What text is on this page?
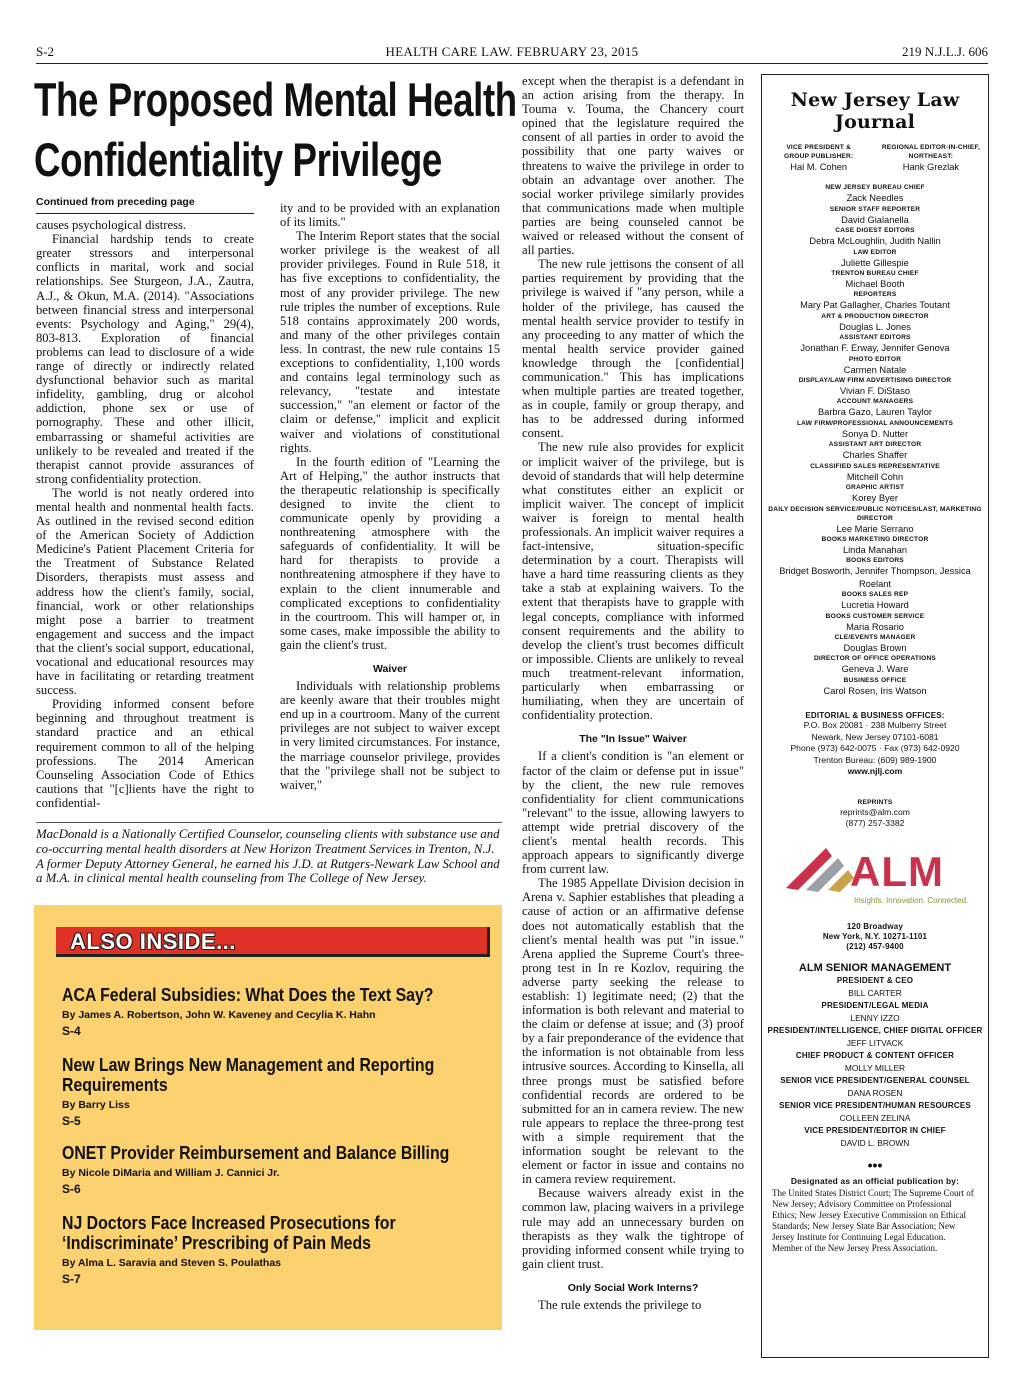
S-2	HEALTH CARE LAW. FEBRUARY 23, 2015	219 N.J.L.J. 606
The Proposed Mental Health
Confidentiality Privilege
Continued from preceding page

causes psychological distress.

Financial hardship tends to create greater stressors and interpersonal conflicts in marital, work and social relationships. See Sturgeon, J.A., Zautra, A.J., & Okun, M.A. (2014). "Associations between financial stress and interpersonal events: Psychology and Aging," 29(4), 803-813. Exploration of financial problems can lead to disclosure of a wide range of directly or indirectly related dysfunctional behavior such as marital infidelity, gambling, drug or alcohol addiction, phone sex or use of pornography. These and other illicit, embarrassing or shameful activities are unlikely to be revealed and treated if the therapist cannot provide assurances of strong confidentiality protection.

The world is not neatly ordered into mental health and nonmental health facts. As outlined in the revised second edition of the American Society of Addiction Medicine's Patient Placement Criteria for the Treatment of Substance Related Disorders, therapists must assess and address how the client's family, social, financial, work or other relationships might pose a barrier to treatment engagement and success and the impact that the client's social support, educational, vocational and educational resources may have in facilitating or retarding treatment success.

Providing informed consent before beginning and throughout treatment is standard practice and an ethical requirement common to all of the helping professions. The 2014 American Counseling Association Code of Ethics cautions that "[c]lients have the right to confidential-

ity and to be provided with an explanation of its limits."

The Interim Report states that the social worker privilege is the weakest of all provider privileges. Found in Rule 518, it has five exceptions to confidentiality, the most of any provider privilege. The new rule triples the number of exceptions. Rule 518 contains approximately 200 words, and many of the other privileges contain less. In contrast, the new rule contains 15 exceptions to confidentiality, 1,100 words and contains legal terminology such as relevancy, "testate and intestate succession," "an element or factor of the claim or defense," implicit and explicit waiver and violations of constitutional rights.

In the fourth edition of "Learning the Art of Helping," the author instructs that the therapeutic relationship is specifically designed to invite the client to communicate openly by providing a nonthreatening atmosphere with the safeguards of confidentiality. It will be hard for therapists to provide a nonthreatening atmosphere if they have to explain to the client innumerable and complicated exceptions to confidentiality in the courtroom. This will hamper or, in some cases, make impossible the ability to gain the client's trust.

Waiver

Individuals with relationship problems are keenly aware that their troubles might end up in a courtroom. Many of the current privileges are not subject to waiver except in very limited circumstances. For instance, the marriage counselor privilege, provides that the "privilege shall not be subject to waiver,"

except when the therapist is a defendant in an action arising from the therapy. In Touma v. Touma, the Chancery court opined that the legislature required the consent of all parties in order to avoid the possibility that one party waives or threatens to waive the privilege in order to obtain an advantage over another. The social worker privilege similarly provides that communications made when multiple parties are being counseled cannot be waived or released without the consent of all parties.

The new rule jettisons the consent of all parties requirement by providing that the privilege is waived if "any person, while a holder of the privilege, has caused the mental health service provider to testify in any proceeding to any matter of which the mental health service provider gained knowledge through the [confidential] communication." This has implications when multiple parties are treated together, as in couple, family or group therapy, and has to be addressed during informed consent.

The new rule also provides for explicit or implicit waiver of the privilege, but is devoid of standards that will help determine what constitutes either an explicit or implicit waiver. The concept of implicit waiver is foreign to mental health professionals. An implicit waiver requires a fact-intensive, situation-specific determination by a court. Therapists will have a hard time reassuring clients as they take a stab at explaining waivers. To the extent that therapists have to grapple with legal concepts, compliance with informed consent requirements and the ability to develop the client's trust becomes difficult or impossible. Clients are unlikely to reveal much treatment-relevant information, particularly when embarrassing or humiliating, when they are uncertain of confidentiality protection.

The "In Issue" Waiver

If a client's condition is "an element or factor of the claim or defense put in issue" by the client, the new rule removes confidentiality for client communications "relevant" to the issue, allowing lawyers to attempt wide pretrial discovery of the client's mental health records. This approach appears to significantly diverge from current law.

The 1985 Appellate Division decision in Arena v. Saphier establishes that pleading a cause of action or an affirmative defense does not automatically establish that the client's mental health was put "in issue." Arena applied the Supreme Court's three-prong test in In re Kozlov, requiring the adverse party seeking the release to establish: 1) legitimate need; (2) that the information is both relevant and material to the claim or defense at issue; and (3) proof by a fair preponderance of the evidence that the information is not obtainable from less intrusive sources. According to Kinsella, all three prongs must be satisfied before confidential records are ordered to be submitted for an in camera review. The new rule appears to replace the three-prong test with a simple requirement that the information sought be relevant to the element or factor in issue and contains no in camera review requirement.

Because waivers already exist in the common law, placing waivers in a privilege rule may add an unnecessary burden on therapists as they walk the tightrope of providing informed consent while trying to gain client trust.

Only Social Work Interns?

The rule extends the privilege to

MacDonald is a Nationally Certified Counselor, counseling clients with substance use and co-occurring mental health disorders at New Horizon Treatment Services in Trenton, N.J. A former Deputy Attorney General, he earned his J.D. at Rutgers-Newark Law School and a M.A. in clinical mental health counseling from The College of New Jersey.
ALSO INSIDE...
ACA Federal Subsidies: What Does the Text Say?
By James A. Robertson, John W. Kaveney and Cecylia K. Hahn
S-4
New Law Brings New Management and Reporting Requirements
By Barry Liss
S-5
ONET Provider Reimbursement and Balance Billing
By Nicole DiMaria and William J. Cannici Jr.
S-6
NJ Doctors Face Increased Prosecutions for ‘Indiscriminate’ Prescribing of Pain Meds
By Alma L. Saravia and Steven S. Poulathas
S-7
New Jersey Law Journal
VICE PRESIDENT &
GROUP PUBLISHER:
Hal M. Cohen
REGIONAL EDITOR-IN-CHIEF,
NORTHEAST:
Hank Grezlak
NEW JERSEY BUREAU CHIEF
Zack Needles
SENIOR STAFF REPORTER
David Gialanella
CASE DIGEST EDITORS
Debra McLoughlin, Judith Nallin
LAW EDITOR
Juliette Gillespie
TRENTON BUREAU CHIEF
Michael Booth
REPORTERS
Mary Pat Gallagher, Charles Toutant
ART & PRODUCTION DIRECTOR
Douglas L. Jones
ASSISTANT EDITORS
Jonathan F. Erway, Jennifer Genova
PHOTO EDITOR
Carmen Natale
DISPLAY/LAW FIRM ADVERTISING DIRECTOR
Vivian F. DiStaso
ACCOUNT MANAGERS
Barbra Gazo, Lauren Taylor
LAW FIRM/PROFESSIONAL ANNOUNCEMENTS
Sonya D. Nutter
ASSISTANT ART DIRECTOR
Charles Shaffer
CLASSIFIED SALES REPRESENTATIVE
Mitchell Cohn
GRAPHIC ARTIST
Korey Byer
DAILY DECISION SERVICE/PUBLIC NOTICES/LAST, MARKETING DIRECTOR
Lee Marie Serrano
BOOKS MARKETING DIRECTOR
Linda Manahan
BOOKS EDITORS
Bridget Bosworth, Jennifer Thompson, Jessica Roelant
BOOKS SALES REP
Lucretia Howard
BOOKS CUSTOMER SERVICE
Maria Rosario
CLE/EVENTS MANAGER
Douglas Brown
DIRECTOR OF OFFICE OPERATIONS
Geneva J. Ware
BUSINESS OFFICE
Carol Rosen, Iris Watson
EDITORIAL & BUSINESS OFFICES:
P.O. Box 20081 · 238 Mulberry Street
Newark, New Jersey 07101-6081
Phone (973) 642-0075 · Fax (973) 642-0920
Trenton Bureau: (609) 989-1900
www.njlj.com
REPRINTS
reprints@alm.com
(877) 257-3382
ALM
Insights. Innovation. Connected.
120 Broadway
New York, N.Y. 10271-1101
(212) 457-9400
ALM SENIOR MANAGEMENT
PRESIDENT & CEO
BILL CARTER
PRESIDENT/LEGAL MEDIA
LENNY IZZO
PRESIDENT/INTELLIGENCE, CHIEF DIGITAL OFFICER
JEFF LITVACK
CHIEF PRODUCT & CONTENT OFFICER
MOLLY MILLER
SENIOR VICE PRESIDENT/GENERAL COUNSEL
DANA ROSEN
SENIOR VICE PRESIDENT/HUMAN RESOURCES
COLLEEN ZELINA
VICE PRESIDENT/EDITOR IN CHIEF
DAVID L. BROWN
•••
Designated as an official publication by:
The United States District Court; The Supreme Court of New Jersey; Advisory Committee on Professional Ethics; New Jersey Executive Commission on Ethical Standards; New Jersey State Bar Association; New Jersey Institute for Continuing Legal Education. Member of the New Jersey Press Association.
